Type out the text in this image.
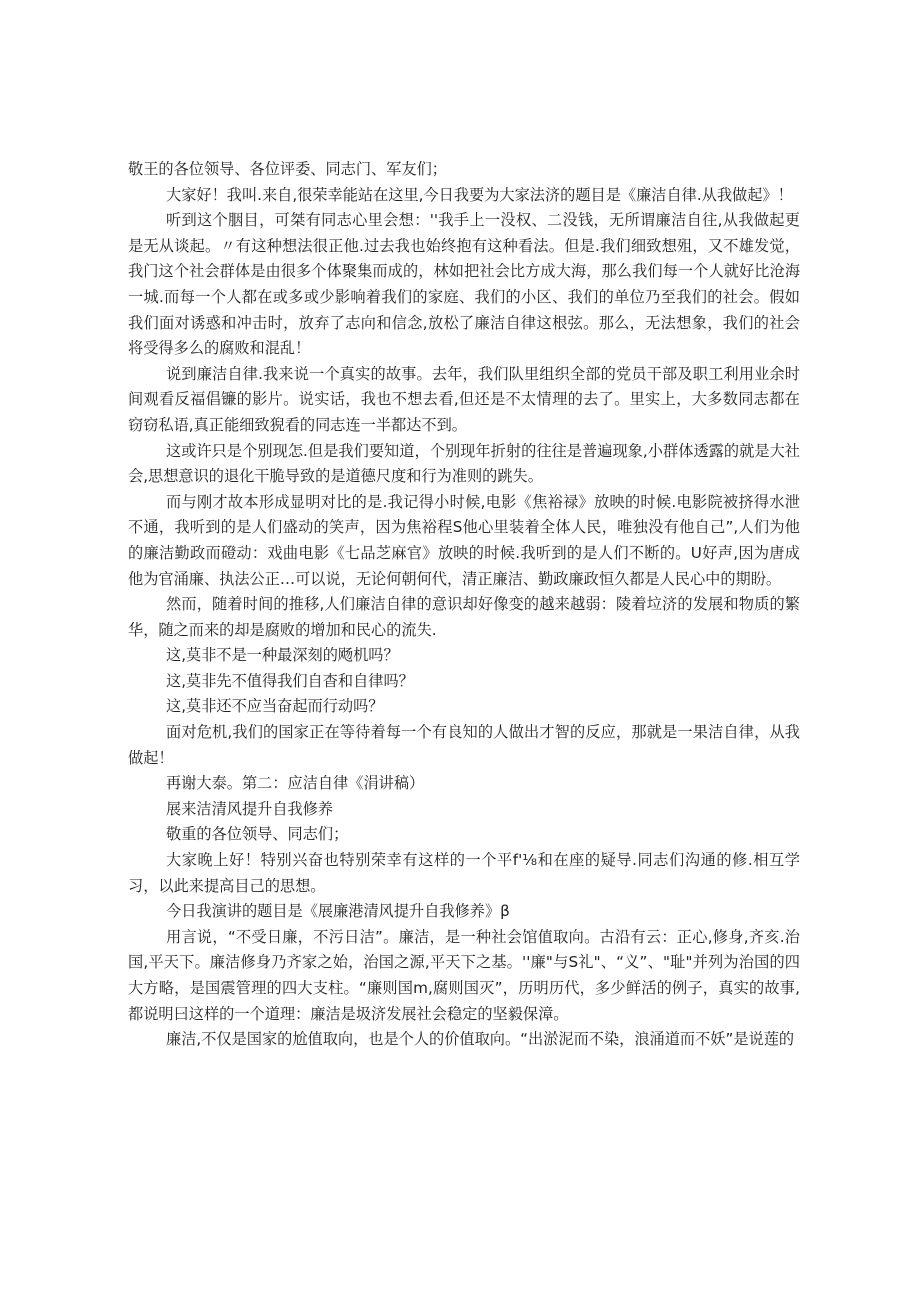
敬王的各位领导、各位评委、同志门、军友们；

大家好！我叫.来自,很荣幸能站在这里,今日我要为大家法济的题目是《廉洁自律.从我做起》！

听到这个胭目，可桀有同志心里会想：''我手上一没权、二没钱，无所谓廉洁自往,从我做起更是无从谈起。〃有这种想法很正他.过去我也始终抱有这种看法。但是.我们细致想殂，又不雄发觉，我门这个社会群体是由很多个体聚集而成的，林如把社会比方成大海，那么我们每一个人就好比沧海一城.而每一个人都在或多或少影响着我们的家庭、我们的小区、我们的单位乃至我们的社会。假如我们面对诱惑和冲击时，放弃了志向和信念,放松了廉洁自律这根弦。那么，无法想象，我们的社会将受得多么的腐败和混乱！

说到廉洁自律.我来说一个真实的故事。去年，我们队里组织全部的党员干部及职工利用业余时间观看反福倡镰的影片。说实话，我也不想去看,但还是不太情理的去了。里实上，大多数同志都在窃窃私语,真正能细致猊看的同志连一半都达不到。

这或许只是个别现怎.但是我们要知道，个别现年折射的往往是普遍现象,小群体透露的就是大社会,思想意识的退化干脆导致的是道德尺度和行为准则的跳失。

而与刚才故本形成显明对比的是.我记得小时候,电影《焦裕禄》放映的时候.电影院被挤得水泄不通，我听到的是人们盛动的笑声，因为焦裕程S他心里装着全体人民，唯独没有他自己”,人们为他的廉洁勤政而磴动：戏曲电影《七品芝麻官》放映的时候.我听到的是人们不断的。U好声,因为唐成他为官涌廉、执法公正…可以说，无论何朝何代，清正廉洁、勤政廉政恒久都是人民心中的期盼。

然而，随着时间的推移,人们廉洁自律的意识却好像变的越来越弱：陵着垃济的发展和物质的繁华，随之而来的却是腐败的增加和民心的流失.

这,莫非不是一种最深刻的飏机吗？

这,莫非先不值得我们自杳和自律吗？

这,莫非还不应当奋起而行动吗？

面对危机,我们的国家正在等待着每一个有良知的人做出才智的反应，那就是一果洁自律，从我做起！

再谢大泰。第二：应洁自律《涓讲稿）

展来洁清风提升自我修养

敬重的各位领导、同志们；

大家晚上好！特别兴奋也特别荣幸有这样的一个平f'⅛和在座的疑导.同志们沟通的修.相互学习，以此来提高目己的思想。

今日我演讲的题目是《展廉港清风提升自我修养》β

用言说，“不受日廉，不污日洁”。廉洁，是一种社会馆值取向。古沿有云：正心,修身,齐亥.治国,平天下。廉洁修身乃齐家之始，治国之源,平天下之基。''廉"与S礼"、“义”、"耻"并列为治国的四大方略，是国震管理的四大支柱。“廉则国m,腐则国灭”，历明历代，多少鲜活的例子，真实的故事,都说明曰这样的一个道理：廉洁是圾济发展社会稳定的坚毅保漳。

廉洁,不仅是国家的尬值取向，也是个人的价值取向。“出淤泥而不染，浪涌道而不妖”是说莲的
